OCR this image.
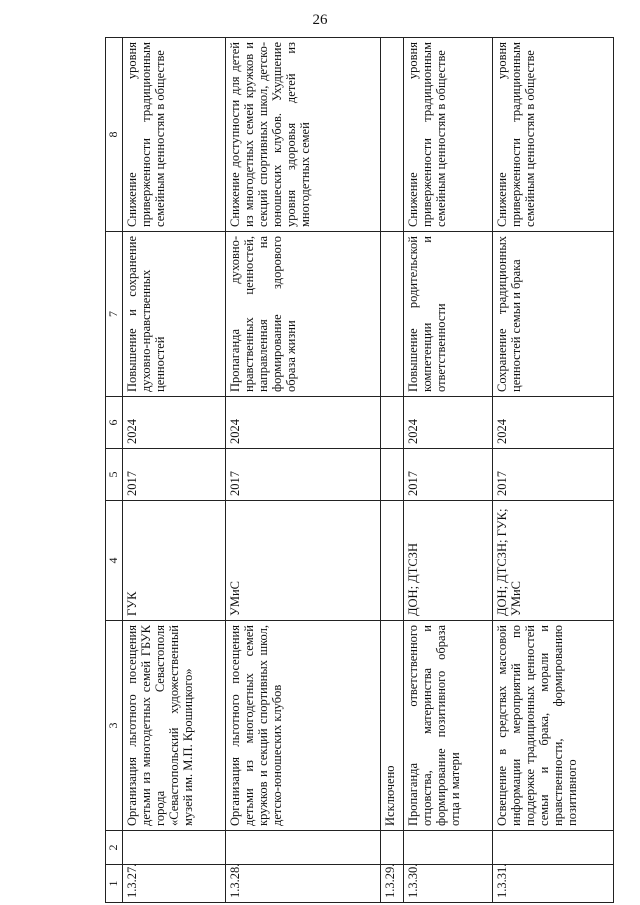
26
1	2	3	4	5	6	7	8
1.3.27.		Организация льготного посещения детьми из многодетных семей ГБУК города Севастополя «Севастопольский художественный музей им. М.П. Крошицкого»	ГУК	2017	2024	Повышение и сохранение духовно-нравственных ценностей	Снижение уровня приверженности традиционным семейным ценностям в обществе
1.3.28.		Организация льготного посещения детьми из многодетных семей кружков и секций спортивных школ, детско-юношеских клубов	УМиС	2017	2024	Пропаганда духовно-нравственных ценностей, направленная на формирование здорового образа жизни	Снижение доступности для детей из многодетных семей кружков и секций спортивных школ, детско-юношеских клубов. Ухудшение уровня здоровья детей из многодетных семей
1.3.29.		Исключено					
1.3.30.		Пропаганда ответственного отцовства, материнства и формирование позитивного образа отца и матери	ДОН; ДТСЗН	2017	2024	Повышение родительской компетенции и ответственности	Снижение уровня приверженности традиционным семейным ценностям в обществе
1.3.31.		Освещение в средствах массовой информации мероприятий по поддержке традиционных ценностей семьи и брака, морали и нравственности, формированию позитивного	ДОН; ДТСЗН; ГУК; УМиС	2017	2024	Сохранение традиционных ценностей семьи и брака	Снижение уровня приверженности традиционным семейным ценностям в обществе
